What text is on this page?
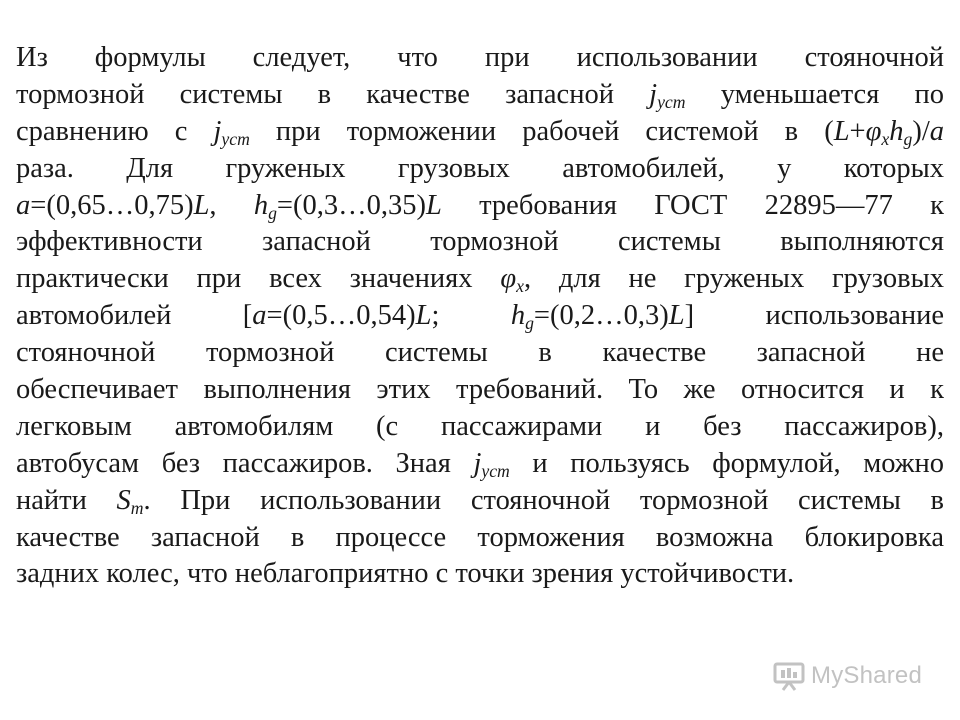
Из формулы следует, что при использовании стояночной
тормозной системы в качестве запасной $j_{уст}$ уменьшается по
сравнению с $j_{уст}$ при торможении рабочей системой в $(L+\varphi_xh_g)/a$
раза. Для груженых грузовых автомобилей, у которых
a=(0,65…0,75)L, $h_g=(0,3\dots 0,35)L$ требования ГОСТ 22895—77 к
эффективности запасной тормозной системы выполняются
практически при всех значениях $\varphi_x$, для не груженых грузовых
автомобилей [a=(0,5…0,54)L; $h_g=(0,2\dots 0,3)L$] использование
стояночной тормозной системы в качестве запасной не
обеспечивает выполнения этих требований. То же относится и к
легковым автомобилям (с пассажирами и без пассажиров),
автобусам без пассажиров. Зная $j_{уст}$ и пользуясь формулой, можно
найти $S_m$. При использовании стояночной тормозной системы в
качестве запасной в процессе торможения возможна блокировка
задних колес, что неблагоприятно с точки зрения устойчивости.

MyShared
